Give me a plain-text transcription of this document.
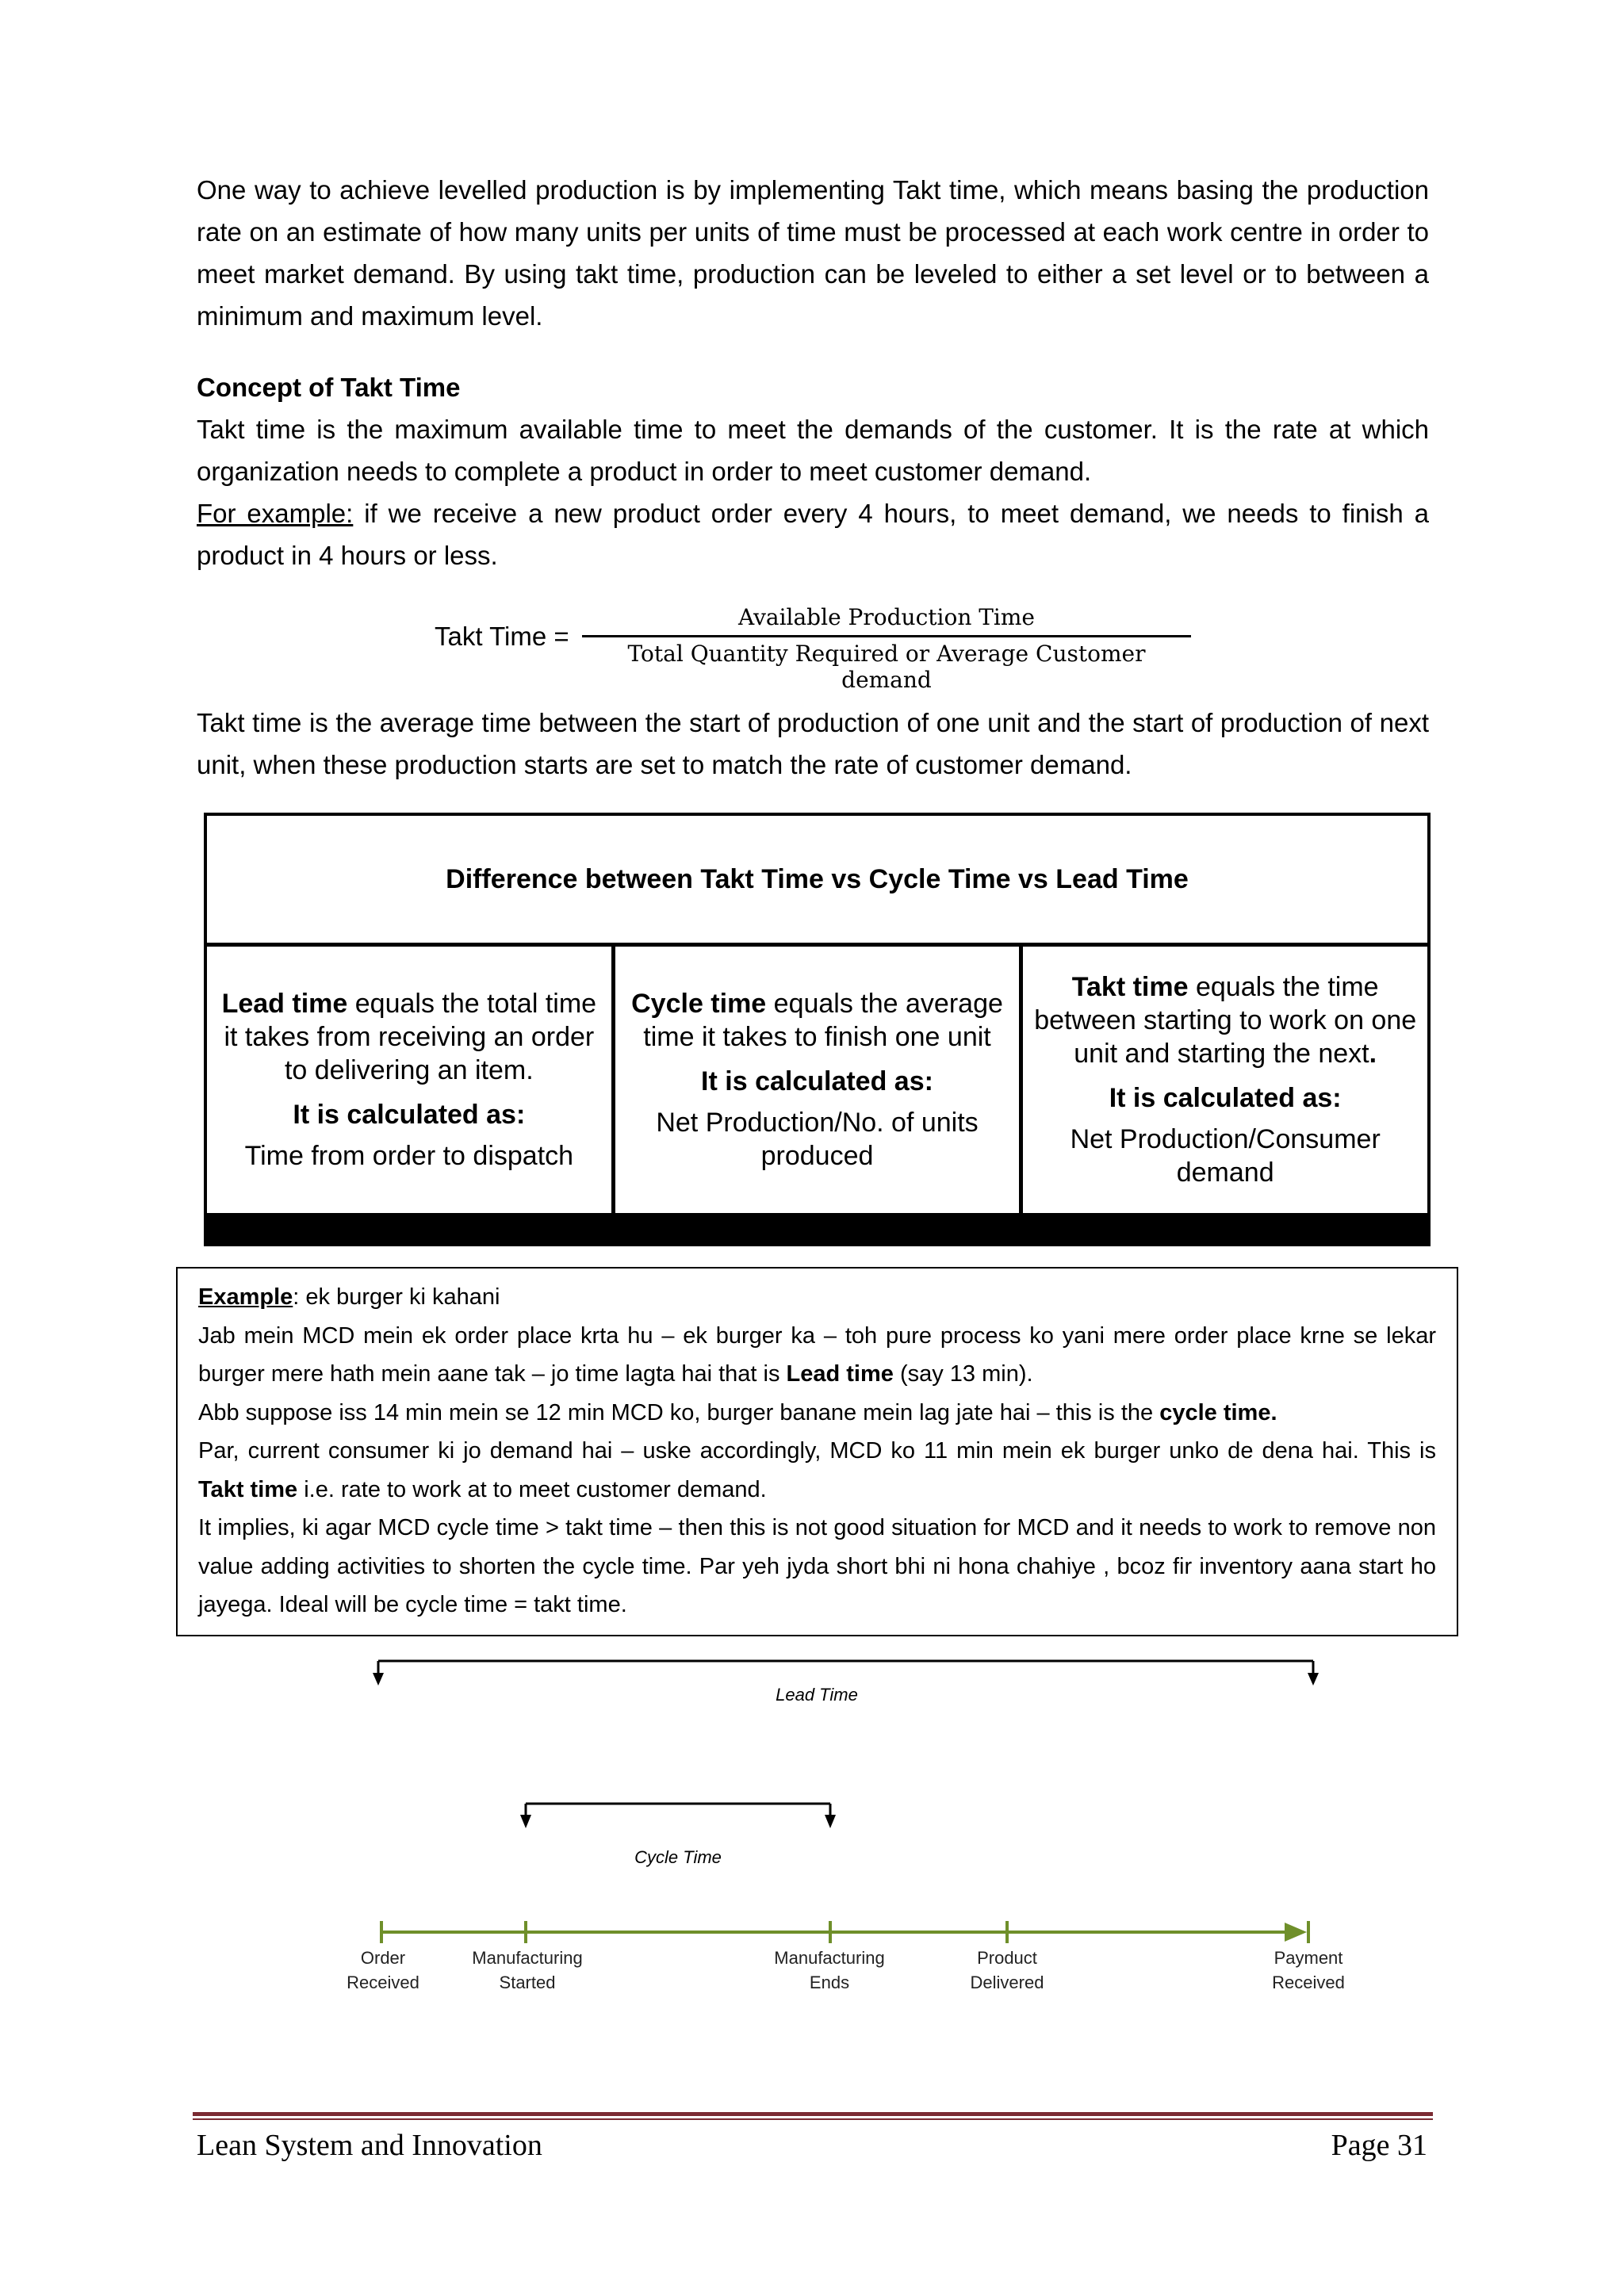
One way to achieve levelled production is by implementing Takt time, which means basing the production rate on an estimate of how many units per units of time must be processed at each work centre in order to meet market demand. By using takt time, production can be leveled to either a set level or to between a minimum and maximum level.

Concept of Takt Time

Takt time is the maximum available time to meet the demands of the customer. It is the rate at which organization needs to complete a product in order to meet customer demand.

For example: if we receive a new product order every 4 hours, to meet demand, we needs to finish a product in 4 hours or less.

Takt Time =
Available Production Time
Total Quantity Required or Average Customer demand

Takt time is the average time between the start of production of one unit and the start of production of next unit, when these production starts are set to match the rate of customer demand.

Difference between Takt Time vs Cycle Time vs Lead Time
Lead time equals the total time it takes from receiving an order to delivering an item.
It is calculated as:
Time from order to dispatch
Cycle time equals the average time it takes to finish one unit
It is calculated as:
Net Production/No. of units produced
Takt time equals the time between starting to work on one unit and starting the next.
It is calculated as:
Net Production/Consumer demand

Example: ek burger ki kahani

Jab mein MCD mein ek order place krta hu – ek burger ka – toh pure process ko yani mere order place krne se lekar burger mere hath mein aane tak – jo time lagta hai that is Lead time (say 13 min).

Abb suppose iss 14 min mein se 12 min MCD ko, burger banane mein lag jate hai – this is the cycle time.

Par, current consumer ki jo demand hai – uske accordingly, MCD ko 11 min mein ek burger unko de dena hai. This is Takt time i.e. rate to work at to meet customer demand.

It implies, ki agar MCD cycle time > takt time – then this is not good situation for MCD and it needs to work to remove non value adding activities to shorten the cycle time. Par yeh jyda short bhi ni hona chahiye , bcoz fir inventory aana start ho jayega. Ideal will be cycle time = takt time.

Lead Time
Cycle Time
Order
Received
Manufacturing
Started
Manufacturing
Ends
Product
Delivered
Payment
Received
Lean System and Innovation	Page 31
